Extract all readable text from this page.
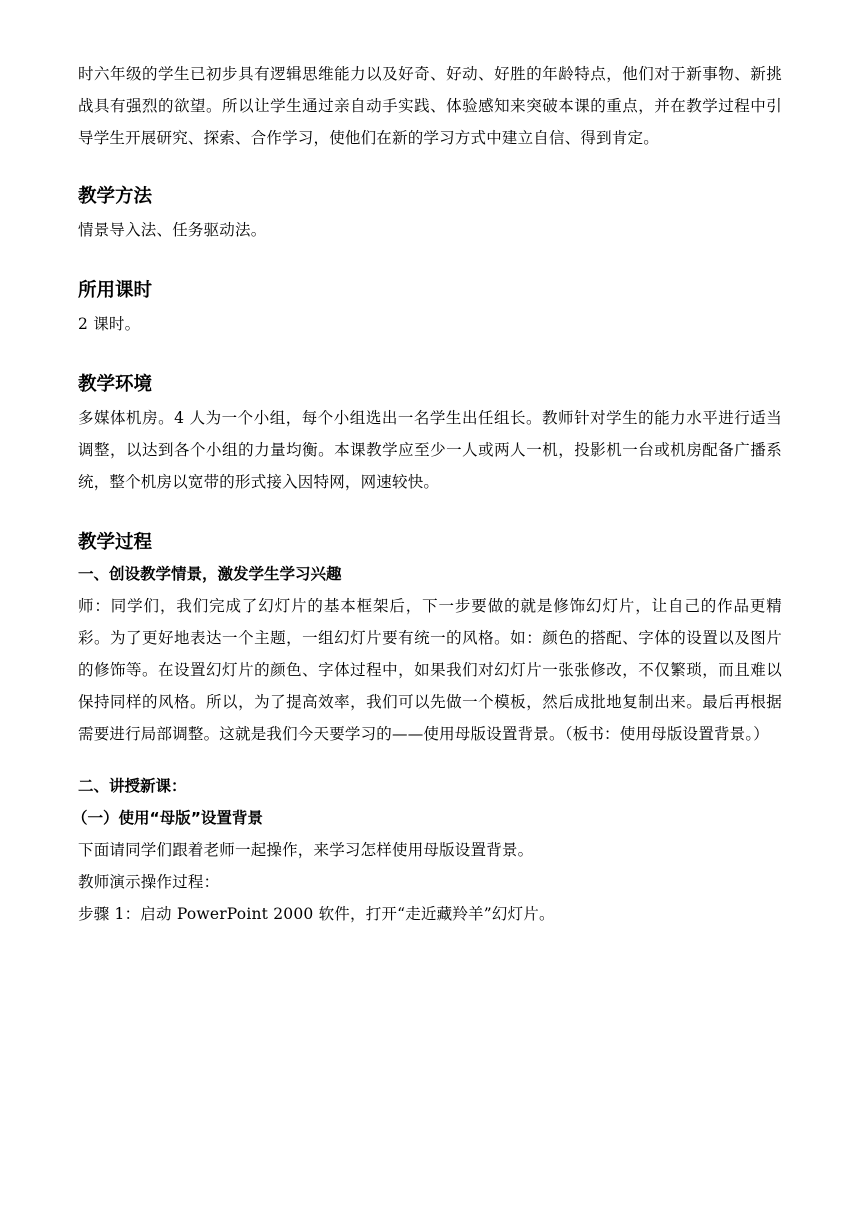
时六年级的学生已初步具有逻辑思维能力以及好奇、好动、好胜的年龄特点，他们对于新事物、新挑战具有强烈的欲望。所以让学生通过亲自动手实践、体验感知来突破本课的重点，并在教学过程中引导学生开展研究、探索、合作学习，使他们在新的学习方式中建立自信、得到肯定。

教学方法

情景导入法、任务驱动法。

所用课时

2 课时。

教学环境

多媒体机房。4 人为一个小组，每个小组选出一名学生出任组长。教师针对学生的能力水平进行适当调整，以达到各个小组的力量均衡。本课教学应至少一人或两人一机，投影机一台或机房配备广播系统，整个机房以宽带的形式接入因特网，网速较快。

教学过程
一、创设教学情景，激发学生学习兴趣

师：同学们，我们完成了幻灯片的基本框架后，下一步要做的就是修饰幻灯片，让自己的作品更精彩。为了更好地表达一个主题，一组幻灯片要有统一的风格。如：颜色的搭配、字体的设置以及图片的修饰等。在设置幻灯片的颜色、字体过程中，如果我们对幻灯片一张张修改，不仅繁琐，而且难以保持同样的风格。所以，为了提高效率，我们可以先做一个模板，然后成批地复制出来。最后再根据需要进行局部调整。这就是我们今天要学习的——使用母版设置背景。（板书：使用母版设置背景。）

二、讲授新课：
（一）使用“母版”设置背景

下面请同学们跟着老师一起操作，来学习怎样使用母版设置背景。

教师演示操作过程：

步骤 1：启动 PowerPoint 2000 软件，打开“走近藏羚羊”幻灯片。
